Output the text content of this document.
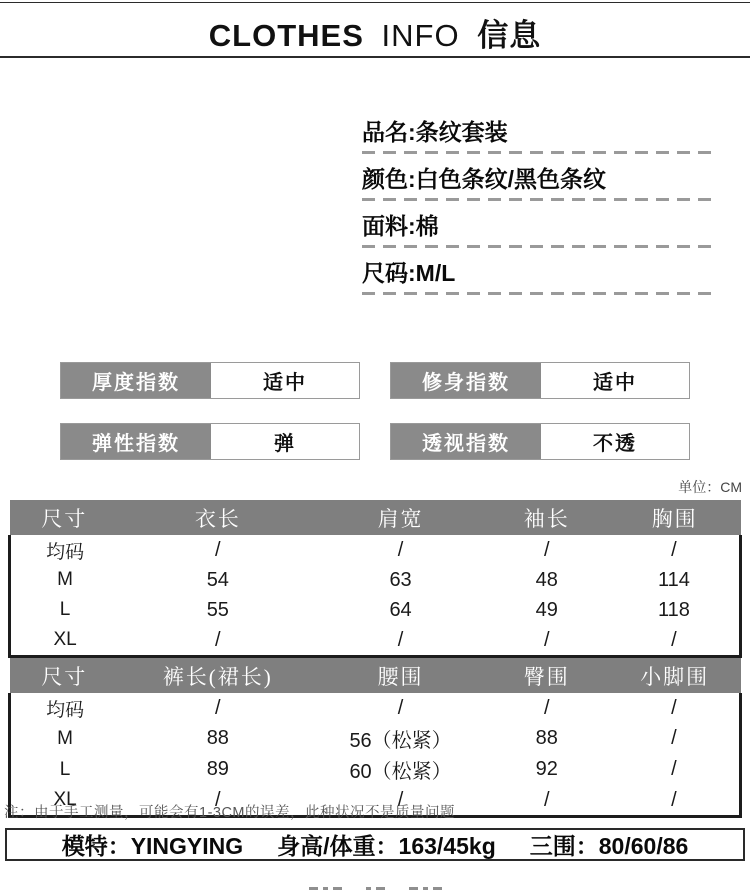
CLOTHES INFO 信息
品名:条纹套装
颜色:白色条纹/黑色条纹
面料:棉
尺码:M/L
厚度指数	适中	修身指数	适中
弹性指数	弹	透视指数	不透
单位：CM
尺寸	衣长	肩宽	袖长	胸围
均码	/	/	/	/
M	54	63	48	114
L	55	64	49	118
XL	/	/	/	/
尺寸	裤长(裙长)	腰围	臀围	小脚围
均码	/	/	/	/
M	88	56（松紧）	88	/
L	89	60（松紧）	92	/
XL	/	/	/	/
注：由于手工测量，可能会有1-3CM的误差，此种状况不是质量问题
模特：YINGYING 身高/体重：163/45kg 三围：80/60/86
